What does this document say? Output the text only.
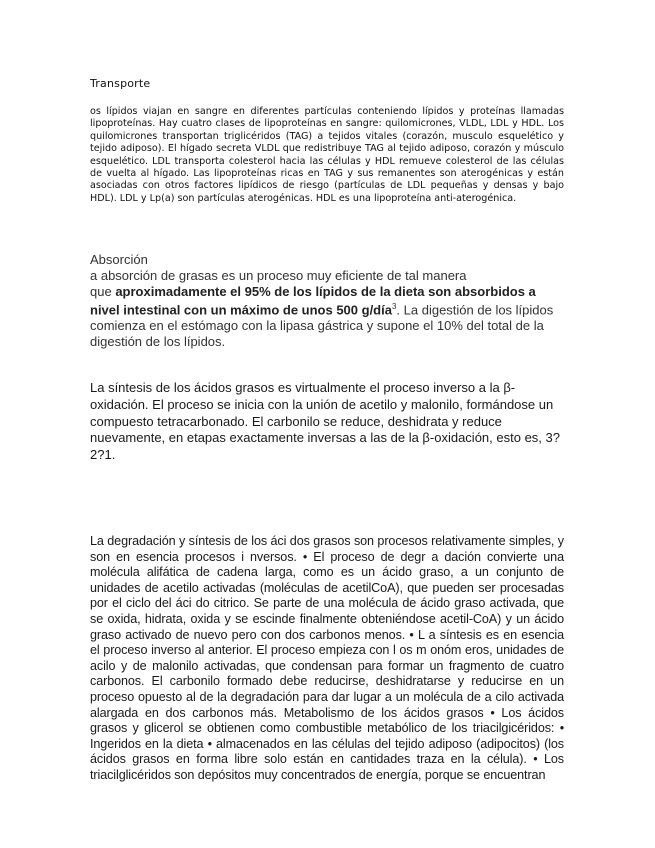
Transporte

os lípidos viajan en sangre en diferentes partículas conteniendo lípidos y proteínas llamadas lipoproteínas. Hay cuatro clases de lipoproteínas en sangre: quilomicrones, VLDL, LDL y HDL. Los quilomicrones transportan triglicéridos (TAG) a tejidos vitales (corazón, musculo esquelético y tejido adiposo). El hígado secreta VLDL que redistribuye TAG al tejido adiposo, corazón y músculo esquelético. LDL transporta colesterol hacia las células y HDL remueve colesterol de las células de vuelta al hígado. Las lipoproteínas ricas en TAG y sus remanentes son aterogénicas y están asociadas con otros factores lipídicos de riesgo (partículas de LDL pequeñas y densas y bajo HDL). LDL y Lp(a) son partículas aterogénicas. HDL es una lipoproteína anti-aterogénica.

Absorción

a absorción de grasas es un proceso muy eficiente de tal manera
que aproximadamente el 95% de los lípidos de la dieta son absorbidos a nivel intestinal con un máximo de unos 500 g/día$^3$. La digestión de los lípidos comienza en el estómago con la lipasa gástrica y supone el 10% del total de la digestión de los lípidos.

La síntesis de los ácidos grasos es virtualmente el proceso inverso a la β-oxidación. El proceso se inicia con la unión de acetilo y malonilo, formándose un compuesto tetracarbonado. El carbonilo se reduce, deshidrata y reduce nuevamente, en etapas exactamente inversas a las de la β-oxidación, esto es, 3?2?1.

La degradación y síntesis de los áci dos grasos son procesos relativamente simples, y son en esencia procesos i nversos. • El proceso de degr a dación convierte una molécula alifática de cadena larga, como es un ácido graso, a un conjunto de unidades de acetilo activadas (moléculas de acetilCoA), que pueden ser procesadas por el ciclo del áci do citrico. Se parte de una molécula de ácido graso activada, que se oxida, hidrata, oxida y se escinde finalmente obteniéndose acetil-CoA) y un ácido graso activado de nuevo pero con dos carbonos menos. • L a síntesis es en esencia el proceso inverso al anterior. El proceso empieza con l os m onóm eros, unidades de acilo y de malonilo activadas, que condensan para formar un fragmento de cuatro carbonos. El carbonilo formado debe reducirse, deshidratarse y reducirse en un proceso opuesto al de la degradación para dar lugar a un molécula de a cilo activada alargada en dos carbonos más. Metabolismo de los ácidos grasos • Los ácidos grasos y glicerol se obtienen como combustible metabólico de los triacilgicéridos: • Ingeridos en la dieta • almacenados en las células del tejido adiposo (adipocitos) (los ácidos grasos en forma libre solo están en cantidades traza en la célula). • Los triacilglicéridos son depósitos muy concentrados de energía, porque se encuentran
